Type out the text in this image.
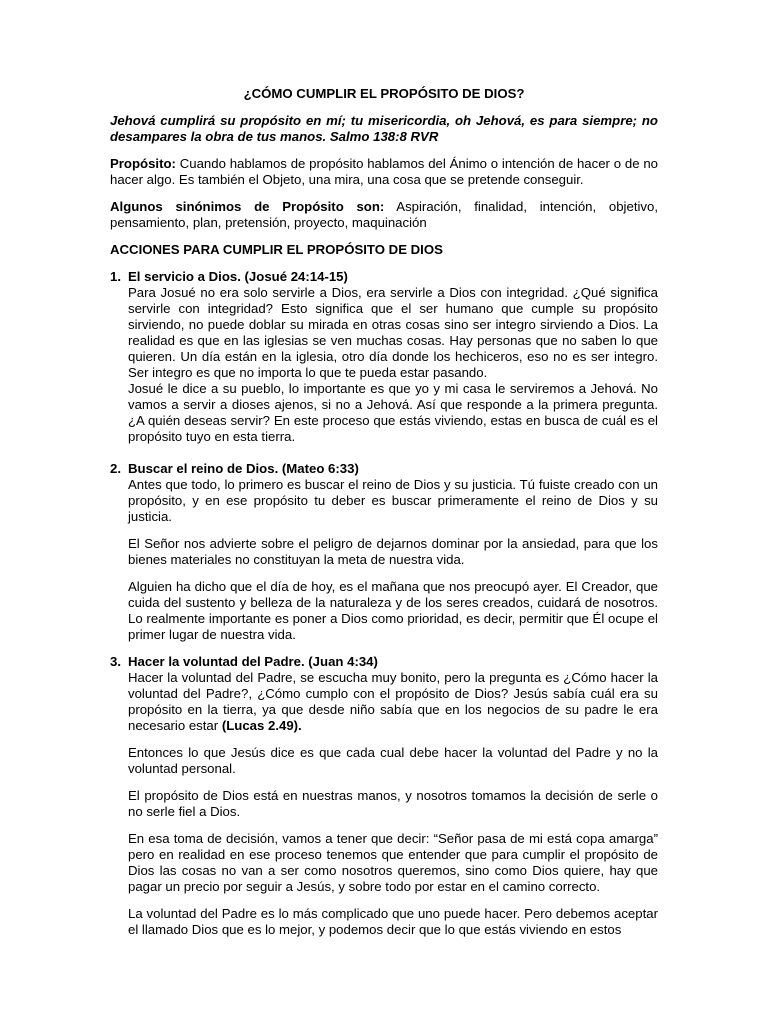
¿CÓMO CUMPLIR EL PROPÓSITO DE DIOS?

Jehová cumplirá su propósito en mí; tu misericordia, oh Jehová, es para siempre; no desampares la obra de tus manos. Salmo 138:8 RVR

Propósito: Cuando hablamos de propósito hablamos del Ánimo o intención de hacer o de no hacer algo. Es también el Objeto, una mira, una cosa que se pretende conseguir.

Algunos sinónimos de Propósito son: Aspiración, finalidad, intención, objetivo, pensamiento, plan, pretensión, proyecto, maquinación

ACCIONES PARA CUMPLIR EL PROPÓSITO DE DIOS

1. El servicio a Dios. (Josué 24:14-15)

Para Josué no era solo servirle a Dios, era servirle a Dios con integridad. ¿Qué significa servirle con integridad? Esto significa que el ser humano que cumple su propósito sirviendo, no puede doblar su mirada en otras cosas sino ser integro sirviendo a Dios. La realidad es que en las iglesias se ven muchas cosas. Hay personas que no saben lo que quieren. Un día están en la iglesia, otro día donde los hechiceros, eso no es ser integro. Ser integro es que no importa lo que te pueda estar pasando.

Josué le dice a su pueblo, lo importante es que yo y mi casa le serviremos a Jehová. No vamos a servir a dioses ajenos, si no a Jehová. Así que responde a la primera pregunta. ¿A quién deseas servir? En este proceso que estás viviendo, estas en busca de cuál es el propósito tuyo en esta tierra.

2. Buscar el reino de Dios. (Mateo 6:33)

Antes que todo, lo primero es buscar el reino de Dios y su justicia. Tú fuiste creado con un propósito, y en ese propósito tu deber es buscar primeramente el reino de Dios y su justicia.

El Señor nos advierte sobre el peligro de dejarnos dominar por la ansiedad, para que los bienes materiales no constituyan la meta de nuestra vida.

Alguien ha dicho que el día de hoy, es el mañana que nos preocupó ayer. El Creador, que cuida del sustento y belleza de la naturaleza y de los seres creados, cuidará de nosotros. Lo realmente importante es poner a Dios como prioridad, es decir, permitir que Él ocupe el primer lugar de nuestra vida.

3. Hacer la voluntad del Padre. (Juan 4:34)

Hacer la voluntad del Padre, se escucha muy bonito, pero la pregunta es ¿Cómo hacer la voluntad del Padre?, ¿Cómo cumplo con el propósito de Dios? Jesús sabía cuál era su propósito en la tierra, ya que desde niño sabía que en los negocios de su padre le era necesario estar (Lucas 2.49).

Entonces lo que Jesús dice es que cada cual debe hacer la voluntad del Padre y no la voluntad personal.

El propósito de Dios está en nuestras manos, y nosotros tomamos la decisión de serle o no serle fiel a Dios.

En esa toma de decisión, vamos a tener que decir: “Señor pasa de mi está copa amarga” pero en realidad en ese proceso tenemos que entender que para cumplir el propósito de Dios las cosas no van a ser como nosotros queremos, sino como Dios quiere, hay que pagar un precio por seguir a Jesús, y sobre todo por estar en el camino correcto.

La voluntad del Padre es lo más complicado que uno puede hacer. Pero debemos aceptar el llamado Dios que es lo mejor, y podemos decir que lo que estás viviendo en estos
